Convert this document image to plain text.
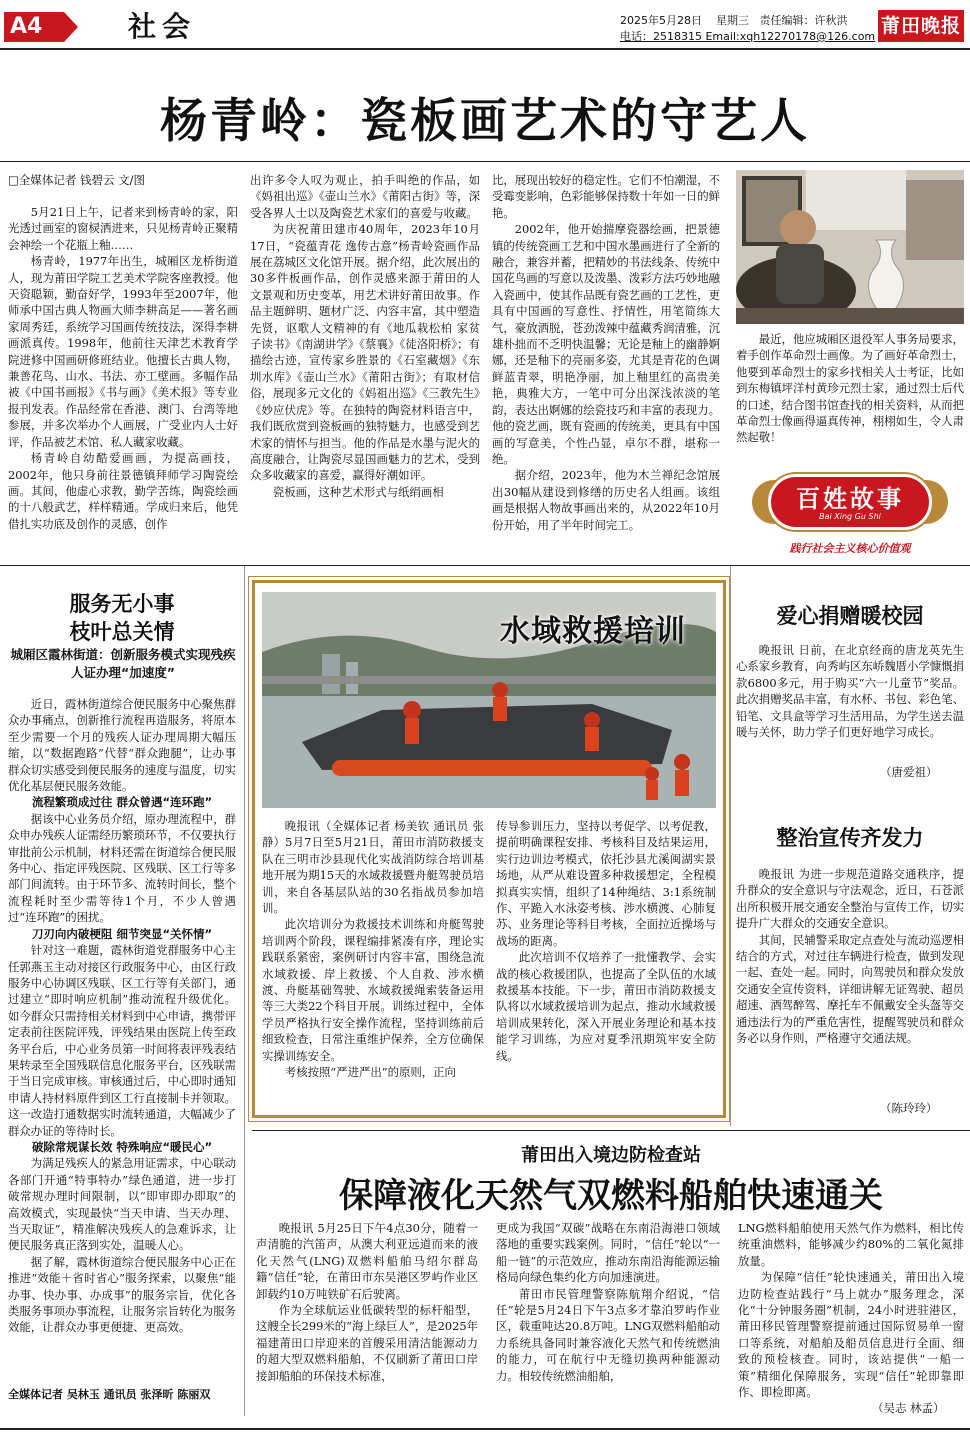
A4	社会	2025年5月28日 星期三 责任编辑：许秋洪
电话：2518315 Email:xqh12270178@126.com 莆田晚报
杨青岭：瓷板画艺术的守艺人
□全媒体记者 钱碧云 文/图

5月21日上午，记者来到杨青岭的家，阳光透过画室的窗棂洒进来，只见杨青岭正聚精会神绘一个花瓶上釉……

杨青岭，1977年出生，城厢区龙桥街道人，现为莆田学院工艺美术学院客座教授。他天资聪颖，勤奋好学，1993年至2007年，他师承中国古典人物画大师李耕高足——著名画家周秀廷，系统学习国画传统技法，深得李耕画派真传。1998年，他前往天津艺术教育学院进修中国画研修班结业。他擅长古典人物，兼善花鸟、山水、书法、亦工壁画。多幅作品被《中国书画报》《书与画》《美术报》等专业报刊发表。作品经常在香港、澳门、台湾等地参展，并多次举办个人画展，广受业内人士好评，作品被艺术馆、私人藏家收藏。

杨青岭自幼酷爱画画，为提高画技，2002年，他只身前往景德镇拜师学习陶瓷绘画。其间，他虚心求教，勤学苦练，陶瓷绘画的十八般武艺，样样精通。学成归来后，他凭借扎实功底及创作的灵感，创作

出许多令人叹为观止，拍手叫绝的作品，如《妈祖出巡》《壶山兰水》《莆阳古街》等，深受各界人士以及陶瓷艺术家们的喜爱与收藏。

为庆祝莆田建市40周年，2023年10月17日，“瓷蕴青花 逸传古意”杨青岭瓷画作品展在荔城区文化馆开展。据介绍，此次展出的30多件板画作品，创作灵感来源于莆田的人文景观和历史变革，用艺术讲好莆田故事。作品主题鲜明、题材广泛、内容丰富，其中塑造先贤，讴歌人文精神的有《地瓜栽松柏 家贫子读书》《南湖讲学》《蔡襄》《徒洛阳桥》；有描绘古迹，宣传家乡胜景的《石室藏烟》《东圳水库》《壶山兰水》《莆阳古街》；有取材信俗，展现多元文化的《妈祖出巡》《三教先生》《妙应伏虎》等。在独特的陶瓷材料语言中，我们既欣赏到瓷板画的独特魅力，也感受到艺术家的情怀与担当。他的作品是水墨与泥火的高度融合，让陶瓷尽显国画魅力的艺术，受到众多收藏家的喜爱，赢得好潮如评。

瓷板画，这种艺术形式与纸绢画相

比，展现出较好的稳定性。它们不怕潮湿，不受霉变影响，色彩能够保持数十年如一日的鲜艳。

2002年，他开始揣摩瓷器绘画，把景德镇的传统瓷画工艺和中国水墨画进行了全新的融合，兼容并蓄，把精妙的书法线条、传统中国花鸟画的写意以及泼墨、泼彩方法巧妙地融入瓷画中，使其作品既有瓷艺画的工艺性，更具有中国画的写意性、抒情性，用笔简练大气，豪放洒脱，苍劲泼辣中蕴藏秀润清雅，沉雄朴拙而不乏明快温馨；无论是釉上的幽静婀娜，还是釉下的亮丽多姿，尤其是青花的色调鲜蓝青翠，明艳净丽，加上釉里红的高贵美艳，典雅大方，一笔中可分出深浅浓淡的笔韵，表达出婀娜的绘瓷技巧和丰富的表现力。他的瓷艺画，既有瓷画的传统美，更具有中国画的写意美，个性凸显，卓尔不群，堪称一绝。

据介绍，2023年，他为木兰禅纪念馆展出30幅从建设到修缮的历史名人组画。该组画是根据人物故事画出来的，从2022年10月份开始，用了半年时间完工。

最近，他应城厢区退役军人事务局要求，着手创作革命烈士画像。为了画好革命烈士，他要到革命烈士的家乡找相关人士考证，比如到东梅镇坪洋村黄珍元烈士家，通过烈士后代的口述，结合图书馆查找的相关资料，从而把革命烈士像画得逼真传神，栩栩如生，令人肃然起敬！

百姓故事
Bai Xing Gu Shi
践行社会主义核心价值观
服务无小事
枝叶总关情
城厢区霞林街道：创新服务模式实现残疾人证办理“加速度”

近日，霞林街道综合便民服务中心聚焦群众办事痛点，创新推行流程再造服务，将原本至少需要一个月的残疾人证办理周期大幅压缩，以“数据跑路”代替“群众跑腿”，让办事群众切实感受到便民服务的速度与温度，切实优化基层便民服务效能。

流程繁琐成过往 群众曾遇“连环跑”

据该中心业务员介绍，原办理流程中，群众申办残疾人证需经历繁琐环节，不仅要执行审批前公示机制，材料还需在街道综合便民服务中心、指定评残医院、区残联、区工行等多部门间流转。由于环节多、流转时间长，整个流程耗时至少需等待1个月，不少人曾遇过“连环跑”的困扰。

刀刃向内破梗阻 细节突显“关怀情”

针对这一难题，霞林街道党群服务中心主任郭燕玉主动对接区行政服务中心，由区行政服务中心协调区残联、区工行等有关部门，通过建立“即时响应机制”推动流程升级优化。如今群众只需持相关材料到中心申请，携带评定表前往医院评残，评残结果由医院上传至政务平台后，中心业务员第一时间将表评残表结果转录至全国残联信息化服务平台，区残联需于当日完成审核。审核通过后，中心即时通知申请人持材料原件到区工行直接制卡并领取。这一改造打通数据实时流转通道，大幅减少了群众办证的等待时长。

破除常规谋长效 特殊响应“暖民心”

为满足残疾人的紧急用证需求，中心联动各部门开通“特事特办”绿色通道，进一步打破常规办理时间限制，以“即审即办即取”的高效模式，实现最快“当天申请、当天办理、当天取证”，精准解决残疾人的急难诉求，让便民服务真正落到实处，温暖人心。

据了解，霞林街道综合便民服务中心正在推进“效能＋省时省心”服务探索，以聚焦“能办事、快办事、办成事”的服务宗旨，优化各类服务事项办事流程，让服务宗旨转化为服务效能，让群众办事更便捷、更高效。

全媒体记者 吴林玉 通讯员 张泽昕 陈丽双
水域救援培训

晚报讯（全媒体记者 杨美钦 通讯员 张静）5月7日至5月21日，莆田市消防救援支队在三明市沙县现代化实战消防综合培训基地开展为期15天的水域救援暨舟艇驾驶员培训，来自各基层队站的30名指战员参加培训。

此次培训分为救援技术训练和舟艇驾驶培训两个阶段，课程编排紧凑有序，理论实践联系紧密，案例研讨内容丰富，围绕急流水域救援、岸上救援、个人自救、涉水横渡、舟艇基础驾驶、水域救援绳索装备运用等三大类22个科目开展。训练过程中，全体学员严格执行安全操作流程，坚持训练前后细致检查，日常注重维护保养，全方位确保实操训练安全。

考核按照“严进严出”的原则，正向

传导参训压力，坚持以考促学、以考促教，提前明确课程安排、考核科目及结果运用，实行边训边考模式，依托沙县尤溪闽湖实景场地，从严从难设置多种救援想定，全程模拟真实实情，组织了14种绳结、3:1系统制作、平跪入水泳姿考核、涉水横渡、心肺复苏、业务理论等科目考核，全面拉近操场与战场的距离。

此次培训不仅培养了一批懂教学、会实战的核心救援团队，也提高了全队伍的水域救援基本技能。下一步，莆田市消防救援支队将以水域救援培训为起点，推动水域救援培训成果转化，深入开展业务理论和基本技能学习训练，为应对夏季汛期筑牢安全防线。

爱心捐赠暖校园

晚报讯 日前，在北京经商的唐龙英先生心系家乡教育，向秀屿区东峤魏厝小学慷慨捐款6800多元，用于购买“六一儿童节”奖品。此次捐赠奖品丰富，有水杯、书包、彩色笔、铅笔、文具盒等学习生活用品，为学生送去温暖与关怀，助力学子们更好地学习成长。

（唐爱祖）
整治宣传齐发力

晚报讯 为进一步规范道路交通秩序，提升群众的安全意识与守法观念，近日，石苍派出所积极开展交通安全整治与宣传工作，切实提升广大群众的交通安全意识。

其间，民辅警采取定点查处与流动巡逻相结合的方式，对过往车辆进行检查，做到发现一起、查处一起。同时，向驾驶员和群众发放交通安全宣传资料，详细讲解无证驾驶、超员超速、酒驾醉驾、摩托车不佩戴安全头盔等交通违法行为的严重危害性，提醒驾驶员和群众务必以身作则，严格遵守交通法规。

（陈玲玲）
莆田出入境边防检查站
保障液化天然气双燃料船舶快速通关

晚报讯 5月25日下午4点30分，随着一声清脆的汽笛声，从澳大利亚远道而来的液化天然气(LNG)双燃料船舶马绍尔群岛籍“信任”轮，在莆田市东吴港区罗屿作业区卸载约10万吨铁矿石后驶离。

作为全球航运业低碳转型的标杆船型，这艘全长299米的“海上绿巨人”，是2025年福建莆田口岸迎来的首艘采用清洁能源动力的超大型双燃料船舶，不仅刷新了莆田口岸接卸船舶的环保技术标准，

更成为我国“双碳”战略在东南沿海港口领域落地的重要实践案例。同时，“信任”轮以“一船一链”的示范效应，推动东南沿海能源运输格局向绿色集约化方向加速演进。

莆田市民管理警察陈航翔介绍说，“信任”轮是5月24日下午3点多才靠泊罗屿作业区，载重吨达20.8万吨。LNG双燃料船舶动力系统具备同时兼容液化天然气和传统燃油的能力，可在航行中无缝切换两种能源动力。相较传统燃油船舶，

LNG燃料船舶使用天然气作为燃料，相比传统重油燃料，能够减少约80%的二氧化氮排放量。

为保障“信任”轮快速通关，莆田出入境边防检查站践行“马上就办”服务理念，深化“十分钟服务圈”机制，24小时进驻港区，莆田移民管理警察提前通过国际贸易单一窗口等系统，对船舶及船员信息进行全面、细致的预检核查。同时，该站提供“一船一策”精细化保障服务，实现“信任”轮即靠即作、即检即离。

（吴志 林孟）
